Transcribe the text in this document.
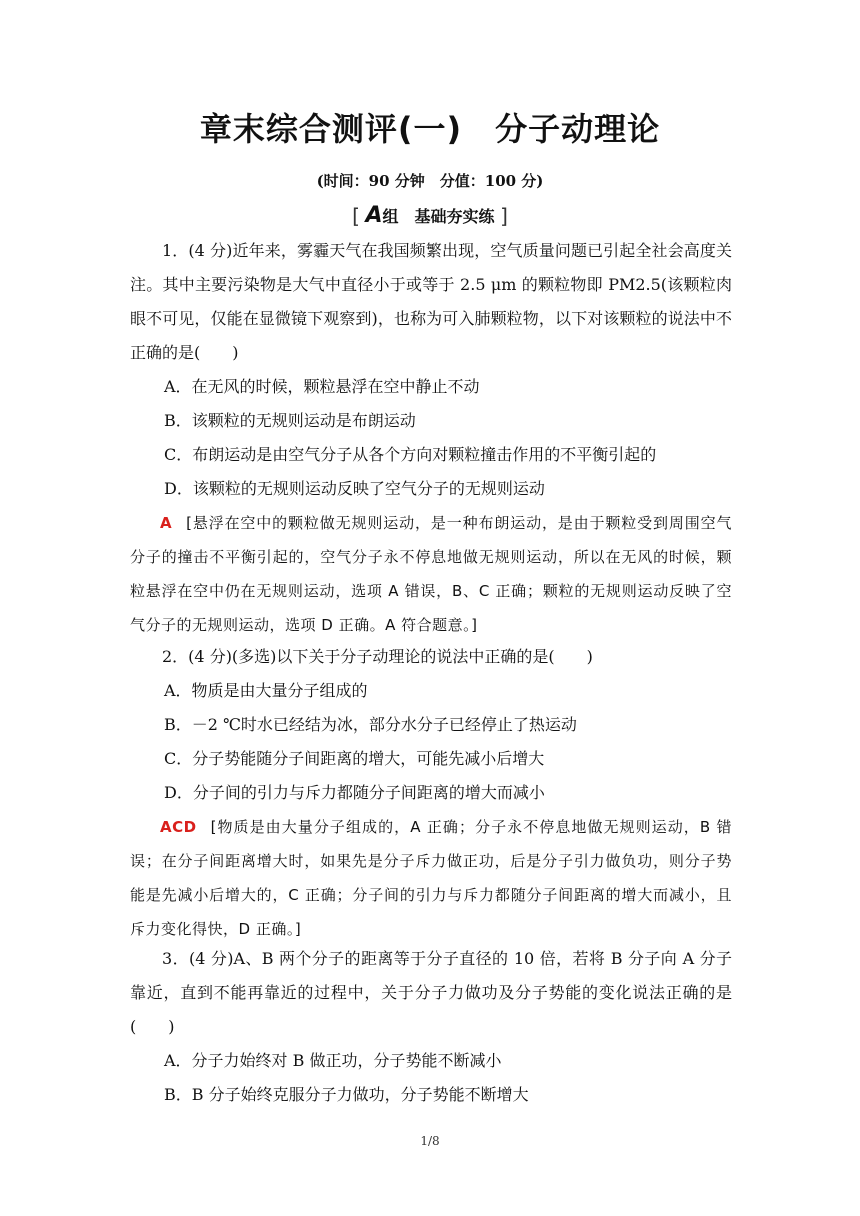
章末综合测评(一)　分子动理论
(时间：90 分钟　分值：100 分)
[ A组　基础夯实练 ]

1．(4 分)近年来，雾霾天气在我国频繁出现，空气质量问题已引起全社会高度关注。其中主要污染物是大气中直径小于或等于 2.5 μm 的颗粒物即 PM2.5(该颗粒肉眼不可见，仅能在显微镜下观察到)，也称为可入肺颗粒物，以下对该颗粒的说法中不正确的是(　　)

A．在无风的时候，颗粒悬浮在空中静止不动

B．该颗粒的无规则运动是布朗运动

C．布朗运动是由空气分子从各个方向对颗粒撞击作用的不平衡引起的

D．该颗粒的无规则运动反映了空气分子的无规则运动

A [悬浮在空中的颗粒做无规则运动，是一种布朗运动，是由于颗粒受到周围空气分子的撞击不平衡引起的，空气分子永不停息地做无规则运动，所以在无风的时候，颗粒悬浮在空中仍在无规则运动，选项 A 错误，B、C 正确；颗粒的无规则运动反映了空气分子的无规则运动，选项 D 正确。A 符合题意。]

2．(4 分)(多选)以下关于分子动理论的说法中正确的是(　　)

A．物质是由大量分子组成的

B．－2 ℃时水已经结为冰，部分水分子已经停止了热运动

C．分子势能随分子间距离的增大，可能先减小后增大

D．分子间的引力与斥力都随分子间距离的增大而减小

ACD [物质是由大量分子组成的，A 正确；分子永不停息地做无规则运动，B 错误；在分子间距离增大时，如果先是分子斥力做正功，后是分子引力做负功，则分子势能是先减小后增大的，C 正确；分子间的引力与斥力都随分子间距离的增大而减小，且斥力变化得快，D 正确。]

3．(4 分)A、B 两个分子的距离等于分子直径的 10 倍，若将 B 分子向 A 分子靠近，直到不能再靠近的过程中，关于分子力做功及分子势能的变化说法正确的是(　　)

A．分子力始终对 B 做正功，分子势能不断减小

B．B 分子始终克服分子力做功，分子势能不断增大

1/8
